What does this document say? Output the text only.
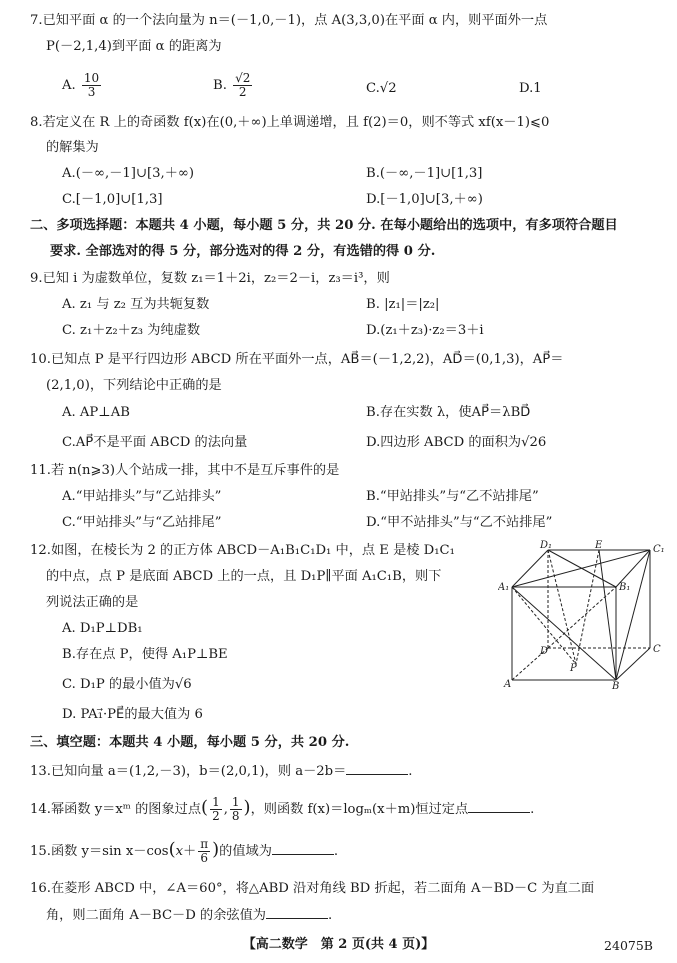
7.已知平面 α 的一个法向量为 n＝(－1,0,－1)，点 A(3,3,0)在平面 α 内，则平面外一点
P(－2,1,4)到平面 α 的距离为
A. $\frac{10}{3}$	B. $\frac{√2}{2}$	C.√2	D.1
8.若定义在 R 上的奇函数 f(x)在(0,＋∞)上单调递增，且 f(2)＝0，则不等式 xf(x－1)⩽0
的解集为
A.(－∞,－1]∪[3,＋∞)	B.(－∞,－1]∪[1,3]
C.[－1,0]∪[1,3]	D.[－1,0]∪[3,＋∞)
二、多项选择题：本题共 4 小题，每小题 5 分，共 20 分. 在每小题给出的选项中，有多项符合题目
要求. 全部选对的得 5 分，部分选对的得 2 分，有选错的得 0 分.
9.已知 i 为虚数单位，复数 z₁＝1＋2i，z₂＝2－i，z₃＝i³，则
A. z₁ 与 z₂ 互为共轭复数	B. |z₁|＝|z₂|
C. z₁＋z₂＋z₃ 为纯虚数	D.(z₁＋z₃)·z₂＝3＋i
10.已知点 P 是平行四边形 ABCD 所在平面外一点，AB⃗＝(－1,2,2)，AD⃗＝(0,1,3)，AP⃗＝
(2,1,0)，下列结论中正确的是
A. AP⊥AB	B.存在实数 λ，使AP⃗＝λBD⃗
C.AP⃗不是平面 ABCD 的法向量	D.四边形 ABCD 的面积为√26
11.若 n(n⩾3)人个站成一排，其中不是互斥事件的是
A.“甲站排头”与“乙站排头”	B.“甲站排头”与“乙不站排尾”
C.“甲站排头”与“乙站排尾”	D.“甲不站排头”与“乙不站排尾”
12.如图，在棱长为 2 的正方体 ABCD－A₁B₁C₁D₁ 中，点 E 是棱 D₁C₁
的中点，点 P 是底面 ABCD 上的一点，且 D₁P∥平面 A₁C₁B，则下
列说法正确的是
A. D₁P⊥DB₁
B.存在点 P，使得 A₁P⊥BE
C. D₁P 的最小值为√6
D. PA₁⃗·PE⃗的最大值为 6
D₁	E	C₁
A₁	B₁
D
P
C
A	B
三、填空题：本题共 4 小题，每小题 5 分，共 20 分.
13.已知向量 a＝(1,2,－3)，b＝(2,0,1)，则 a－2b＝	.
14.幂函数 y＝xᵐ 的图象过点( $\frac{1}{2}$ , $\frac{1}{8}$ )，则函数 f(x)＝logₘ(x＋m)恒过定点	.
15.函数 y＝sin $x-\cos(x+ \frac{\pi}{6}$ )的值域为	.
16.在菱形 ABCD 中，∠A＝60°，将△ABD 沿对角线 BD 折起，若二面角 A－BD－C 为直二面
角，则二面角 A－BC－D 的余弦值为	.
【高二数学　第 2 页(共 4 页)】	24075B
